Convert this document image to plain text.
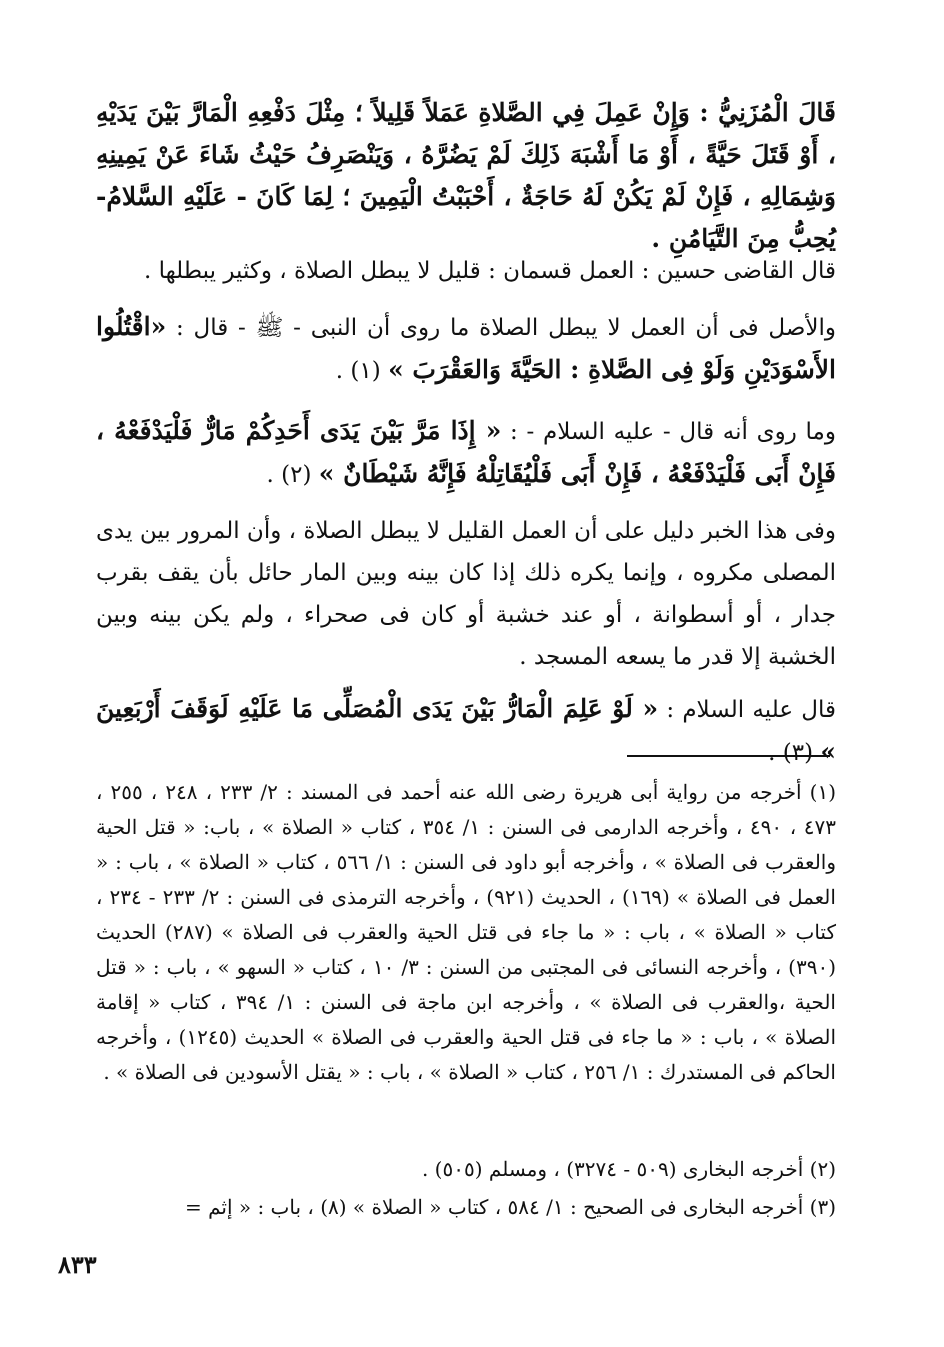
قَالَ الْمُزَنِيُّ : وَإِنْ عَمِلَ فِي الصَّلاةِ عَمَلاً قَلِيلاً ؛ مِثْلَ دَفْعِهِ الْمَارَّ بَيْنَ يَدَيْهِ ، أَوْ قَتَلَ حَيَّةً ، أَوْ مَا أَشْبَهَ ذَلِكَ لَمْ يَضُرَّهُ ، وَيَنْصَرِفُ حَيْثُ شَاءَ عَنْ يَمِينِهِ وَشِمَالِهِ ، فَإِنْ لَمْ يَكُنْ لَهُ حَاجَةٌ ، أَحْبَبْتُ الْيَمِينَ ؛ لِمَا كَانَ - عَلَيْهِ السَّلامُ- يُحِبُّ مِنَ التَّيَامُنِ .

قال القاضى حسين : العمل قسمان : قليل لا يبطل الصلاة ، وكثير يبطلها .

والأصل فى أن العمل لا يبطل الصلاة ما روى أن النبى - ﷺ - قال : «اقْتُلُوا الأَسْوَدَيْنِ وَلَوْ فِى الصَّلاةِ : الحَيَّةَ وَالعَقْرَبَ » (١) .

وما روى أنه قال - عليه السلام - : « إِذَا مَرَّ بَيْنَ يَدَى أَحَدِكُمْ مَارٌّ فَلْيَدْفَعْهُ ، فَإِنْ أَبَى فَلْيَدْفَعْهُ ، فَإِنْ أَبَى فَلْيُقَاتِلْهُ فَإِنَّهُ شَيْطَانٌ » (٢) .

وفى هذا الخبر دليل على أن العمل القليل لا يبطل الصلاة ، وأن المرور بين يدى المصلى مكروه ، وإنما يكره ذلك إذا كان بينه وبين المار حائل بأن يقف بقرب جدار ، أو أسطوانة ، أو عند خشبة أو كان فى صحراء ، ولم يكن بينه وبين الخشبة إلا قدر ما يسعه المسجد .

قال عليه السلام : « لَوْ عَلِمَ الْمَارُّ بَيْنَ يَدَى الْمُصَلِّى مَا عَلَيْهِ لَوَقَفَ أَرْبَعِينَ » (٣) .

(١) أخرجه من رواية أبى هريرة رضى الله عنه أحمد فى المسند : ٢/ ٢٣٣ ، ٢٤٨ ، ٢٥٥ ، ٤٧٣ ، ٤٩٠ ، وأخرجه الدارمى فى السنن : ١/ ٣٥٤ ، كتاب « الصلاة » ، باب: « قتل الحية والعقرب فى الصلاة » ، وأخرجه أبو داود فى السنن : ١/ ٥٦٦ ، كتاب « الصلاة » ، باب : « العمل فى الصلاة » (١٦٩) ، الحديث (٩٢١) ، وأخرجه الترمذى فى السنن : ٢/ ٢٣٣ - ٢٣٤ ، كتاب « الصلاة » ، باب : « ما جاء فى قتل الحية والعقرب فى الصلاة » (٢٨٧) الحديث (٣٩٠) ، وأخرجه النسائى فى المجتبى من السنن : ٣/ ١٠ ، كتاب « السهو » ، باب : « قتل الحية ،والعقرب فى الصلاة » ، وأخرجه ابن ماجة فى السنن : ١/ ٣٩٤ ، كتاب « إقامة الصلاة » ، باب : « ما جاء فى قتل الحية والعقرب فى الصلاة » الحديث (١٢٤٥) ، وأخرجه الحاكم فى المستدرك : ١/ ٢٥٦ ، كتاب « الصلاة » ، باب : « يقتل الأسودين فى الصلاة » .

(٢) أخرجه البخارى (٥٠٩ - ٣٢٧٤) ، ومسلم (٥٠٥) .

(٣) أخرجه البخارى فى الصحيح : ١/ ٥٨٤ ، كتاب « الصلاة » (٨) ، باب : « إثم =

٨٣٣
